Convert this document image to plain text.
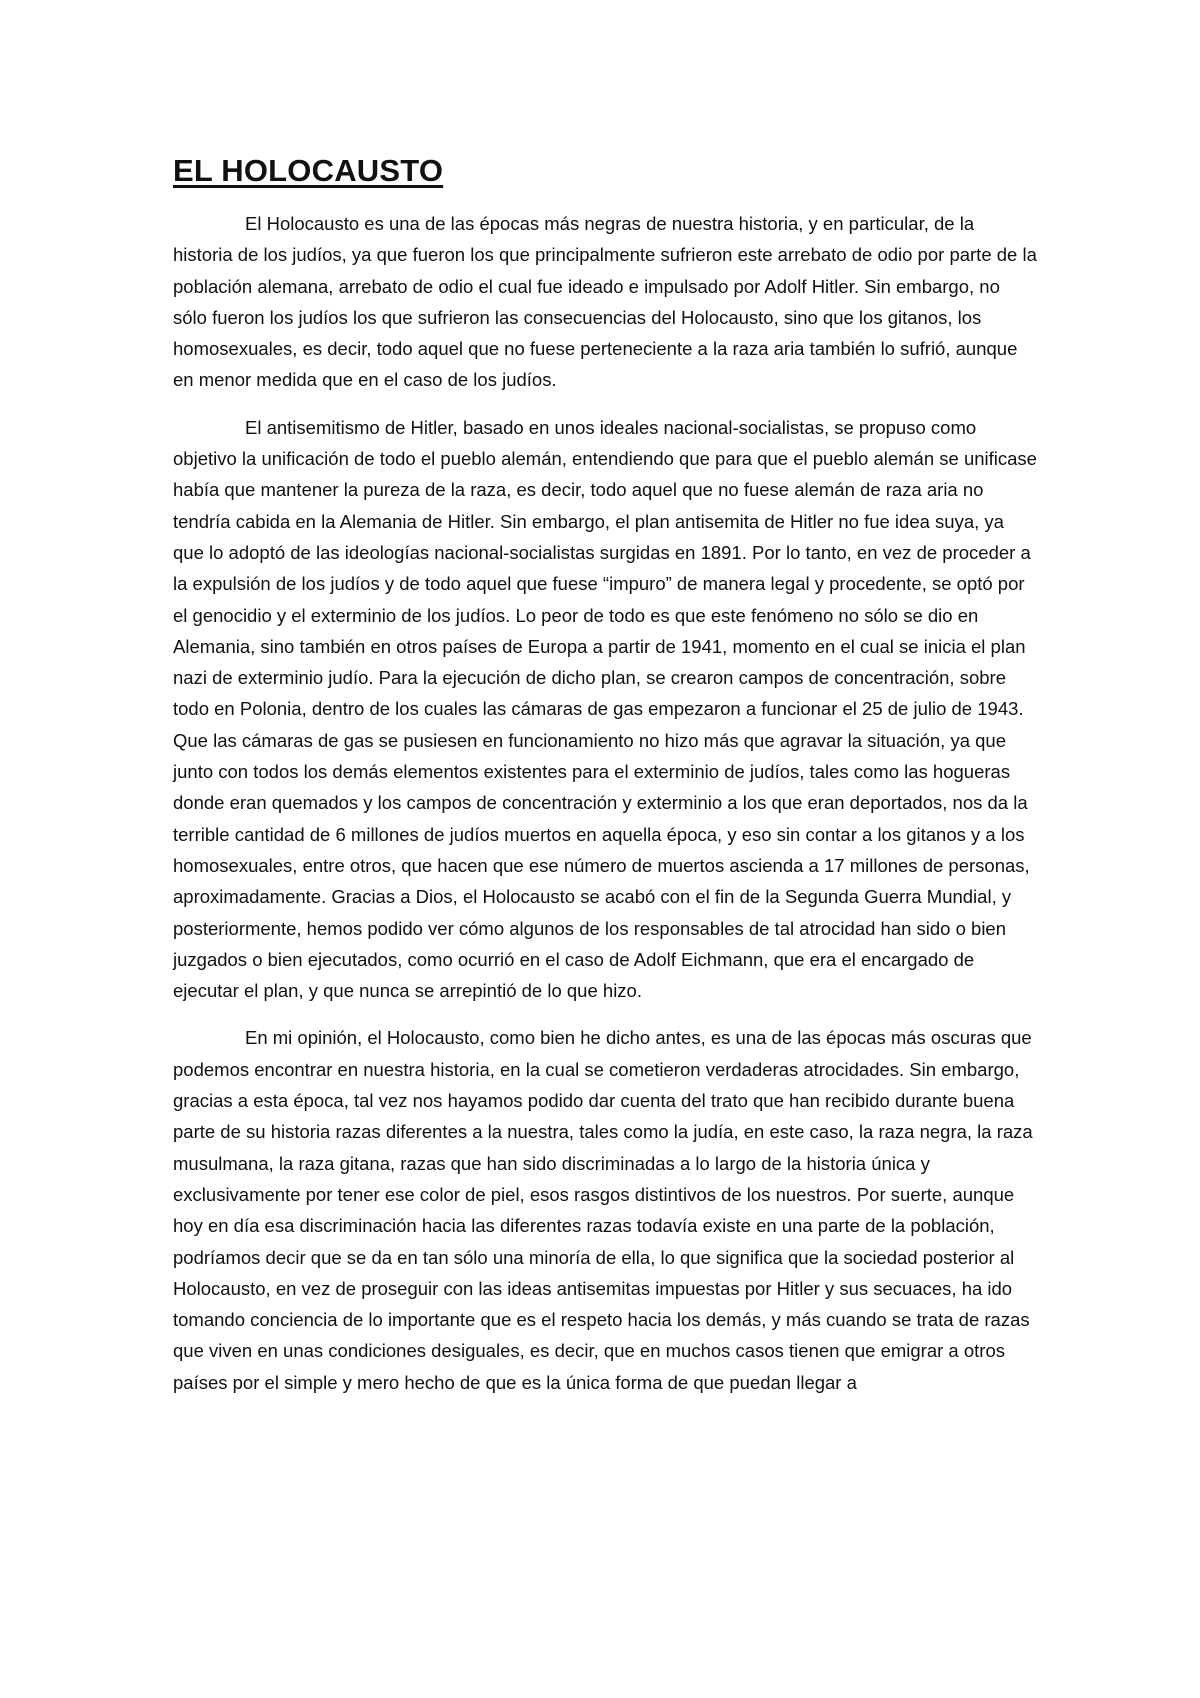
EL HOLOCAUSTO

El Holocausto es una de las épocas más negras de nuestra historia, y en particular, de la historia de los judíos, ya que fueron los que principalmente sufrieron este arrebato de odio por parte de la población alemana, arrebato de odio el cual fue ideado e impulsado por Adolf Hitler. Sin embargo, no sólo fueron los judíos los que sufrieron las consecuencias del Holocausto, sino que los gitanos, los homosexuales, es decir, todo aquel que no fuese perteneciente a la raza aria también lo sufrió, aunque en menor medida que en el caso de los judíos.

El antisemitismo de Hitler, basado en unos ideales nacional-socialistas, se propuso como objetivo la unificación de todo el pueblo alemán, entendiendo que para que el pueblo alemán se unificase había que mantener la pureza de la raza, es decir, todo aquel que no fuese alemán de raza aria no tendría cabida en la Alemania de Hitler. Sin embargo, el plan antisemita de Hitler no fue idea suya, ya que lo adoptó de las ideologías nacional-socialistas surgidas en 1891. Por lo tanto, en vez de proceder a la expulsión de los judíos y de todo aquel que fuese “impuro” de manera legal y procedente, se optó por el genocidio y el exterminio de los judíos. Lo peor de todo es que este fenómeno no sólo se dio en Alemania, sino también en otros países de Europa a partir de 1941, momento en el cual se inicia el plan nazi de exterminio judío. Para la ejecución de dicho plan, se crearon campos de concentración, sobre todo en Polonia, dentro de los cuales las cámaras de gas empezaron a funcionar el 25 de julio de 1943. Que las cámaras de gas se pusiesen en funcionamiento no hizo más que agravar la situación, ya que junto con todos los demás elementos existentes para el exterminio de judíos, tales como las hogueras donde eran quemados y los campos de concentración y exterminio a los que eran deportados, nos da la terrible cantidad de 6 millones de judíos muertos en aquella época, y eso sin contar a los gitanos y a los homosexuales, entre otros, que hacen que ese número de muertos ascienda a 17 millones de personas, aproximadamente. Gracias a Dios, el Holocausto se acabó con el fin de la Segunda Guerra Mundial, y posteriormente, hemos podido ver cómo algunos de los responsables de tal atrocidad han sido o bien juzgados o bien ejecutados, como ocurrió en el caso de Adolf Eichmann, que era el encargado de ejecutar el plan, y que nunca se arrepintió de lo que hizo.

En mi opinión, el Holocausto, como bien he dicho antes, es una de las épocas más oscuras que podemos encontrar en nuestra historia, en la cual se cometieron verdaderas atrocidades. Sin embargo, gracias a esta época, tal vez nos hayamos podido dar cuenta del trato que han recibido durante buena parte de su historia razas diferentes a la nuestra, tales como la judía, en este caso, la raza negra, la raza musulmana, la raza gitana, razas que han sido discriminadas a lo largo de la historia única y exclusivamente por tener ese color de piel, esos rasgos distintivos de los nuestros. Por suerte, aunque hoy en día esa discriminación hacia las diferentes razas todavía existe en una parte de la población, podríamos decir que se da en tan sólo una minoría de ella, lo que significa que la sociedad posterior al Holocausto, en vez de proseguir con las ideas antisemitas impuestas por Hitler y sus secuaces, ha ido tomando conciencia de lo importante que es el respeto hacia los demás, y más cuando se trata de razas que viven en unas condiciones desiguales, es decir, que en muchos casos tienen que emigrar a otros países por el simple y mero hecho de que es la única forma de que puedan llegar a
